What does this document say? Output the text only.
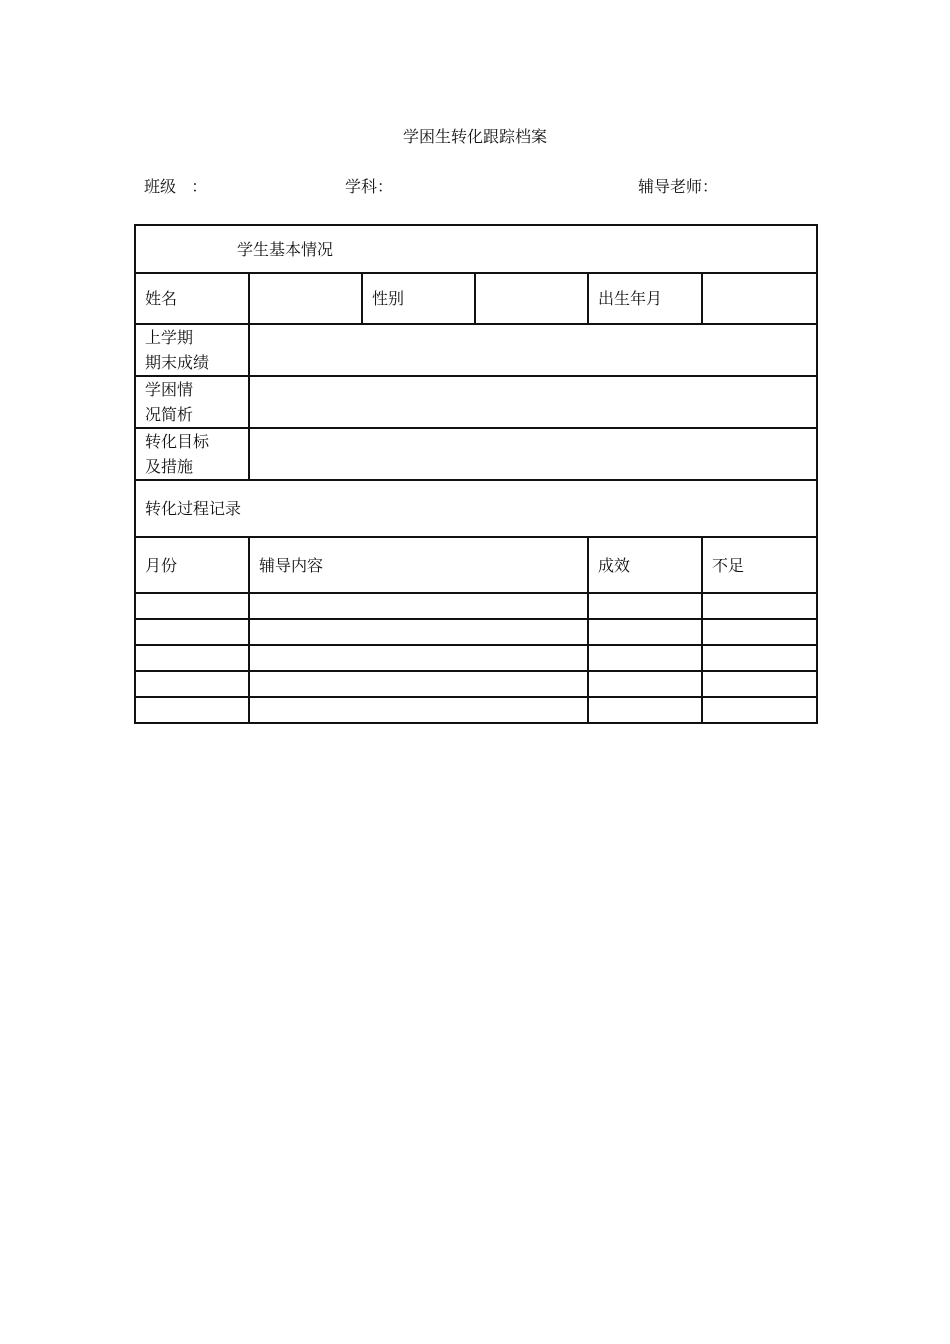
学困生转化跟踪档案
班级   ：	学科：	辅导老师：
学生基本情况					
姓名		性别		出生年月	

上学期
期末成绩					

学困情
况简析					

转化目标
及措施					

转化过程记录					
月份	辅导内容			成效	不足
